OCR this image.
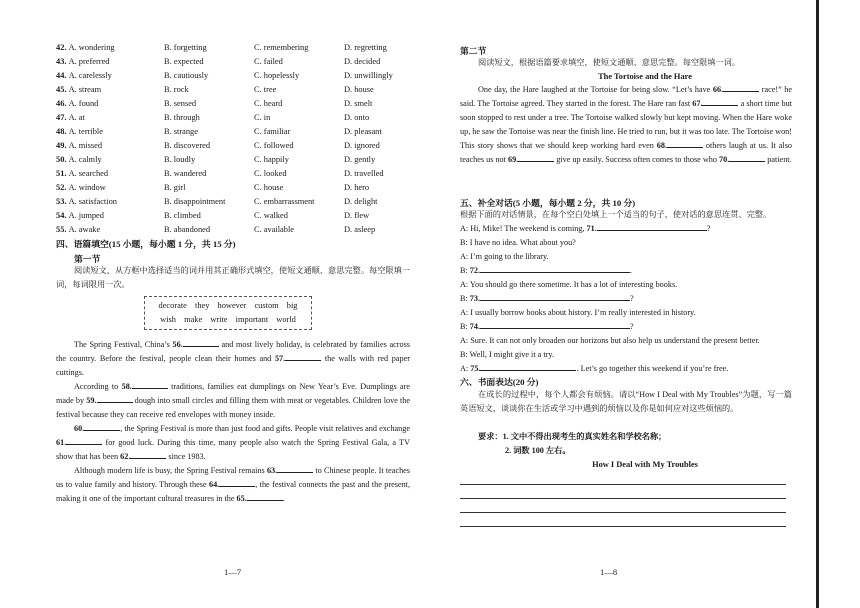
42. A. wondering	B. forgetting	C. remembering	D. regretting
43. A. preferred	B. expected	C. failed	D. decided
44. A. carelessly	B. cautiously	C. hopelessly	D. unwillingly
45. A. stream	B. rock	C. tree	D. house
46. A. found	B. sensed	C. heard	D. smelt
47. A. at	B. through	C. in	D. onto
48. A. terrible	B. strange	C. familiar	D. pleasant
49. A. missed	B. discovered	C. followed	D. ignored
50. A. calmly	B. loudly	C. happily	D. gently
51. A. searched	B. wandered	C. looked	D. travelled
52. A. window	B. girl	C. house	D. hero
53. A. satisfaction	B. disappointment	C. embarrassment	D. delight
54. A. jumped	B. climbed	C. walked	D. flew
55. A. awake	B. abandoned	C. available	D. asleep
四、语篇填空(15 小题，每小题 1 分，共 15 分)
第一节

阅读短文，从方框中选择适当的词并用其正确形式填空，使短文通顺、意思完整。每空限填一词，每词限用一次。

decorate they however custom big
wish make write important world

The Spring Festival, China’s 56.	and most lively holiday, is celebrated by families across the country. Before the festival, people clean their homes and 57.	the walls with red paper cuttings.

According to 58.	traditions, families eat dumplings on New Year’s Eve. Dumplings are made by 59.	dough into small circles and filling them with meat or vegetables. Children love the festival because they can receive red envelopes with money inside.

60.	, the Spring Festival is more than just food and gifts. People visit relatives and exchange 61.	for good luck. During this time, many people also watch the Spring Festival Gala, a TV show that has been 62.	since 1983.

Although modern life is busy, the Spring Festival remains 63.	to Chinese people. It teaches us to value family and history. Through these 64.	, the festival connects the past and the present, making it one of the important cultural treasures in the 65.	.

1—7
第二节

阅读短文，根据语篇要求填空，使短文通顺、意思完整。每空限填一词。

The Tortoise and the Hare

One day, the Hare laughed at the Tortoise for being slow. “Let’s have 66.	race!” he said. The Tortoise agreed. They started in the forest. The Hare ran fast 67.	a short time but soon stopped to rest under a tree. The Tortoise walked slowly but kept moving. When the Hare woke up, he saw the Tortoise was near the finish line. He tried to run, but it was too late. The Tortoise won! This story shows that we should keep working hard even 68.	others laugh at us. It also teaches us not 69.	give up easily. Success often comes to those who 70.	patient.

五、补全对话(5 小题，每小题 2 分，共 10 分)

根据下面的对话情景，在每个空白处填上一个适当的句子，使对话的意思连贯、完整。

A: Hi, Mike! The weekend is coming, 71.	?
B: I have no idea. What about you?
A: I’m going to the library.
B: 72.	.
A: You should go there sometime. It has a lot of interesting books.
B: 73.	?
A: I usually borrow books about history. I’m really interested in history.
B: 74.	?
A: Sure. It can not only broaden our horizons but also help us understand the present better.
B: Well, I might give it a try.
A: 75.	. Let’s go together this weekend if you’re free.
六、书面表达(20 分)

在成长的过程中，每个人都会有烦恼。请以“How I Deal with My Troubles”为题，写一篇英语短文，谈谈你在生活或学习中遇到的烦恼以及你是如何应对这些烦恼的。

要求：1. 文中不得出现考生的真实姓名和学校名称；
2. 词数 100 左右。
How I Deal with My Troubles
1—8
